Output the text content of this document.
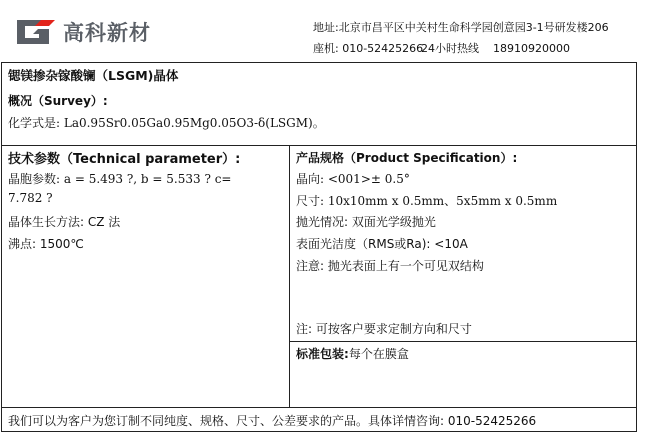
高科新材	地址:北京市昌平区中关村生命科学园创意园3-1号研发楼206
座机: 010-5242526624小时热线 18910920000
锶镁掺杂镓酸镧（LSGM)晶体
概况（Survey）:
化学式是: La0.95Sr0.05Ga0.95Mg0.05O3-δ(LSGM)。
技术参数（Technical parameter）:
晶胞参数: a = 5.493 ?, b = 5.533 ? c=
7.782 ?
晶体生长方法: CZ 法
沸点: 1500℃
产品规格（Product Specification）:
晶向: <001>± 0.5°
尺寸: 10x10mm x 0.5mm、5x5mm x 0.5mm
抛光情况: 双面光学级抛光
表面光洁度（RMS或Ra): <10A
注意: 抛光表面上有一个可见双结构
注: 可按客户要求定制方向和尺寸
标准包装:每个在膜盒
我们可以为客户为您订制不同纯度、规格、尺寸、公差要求的产品。具体详情咨询: 010-52425266
